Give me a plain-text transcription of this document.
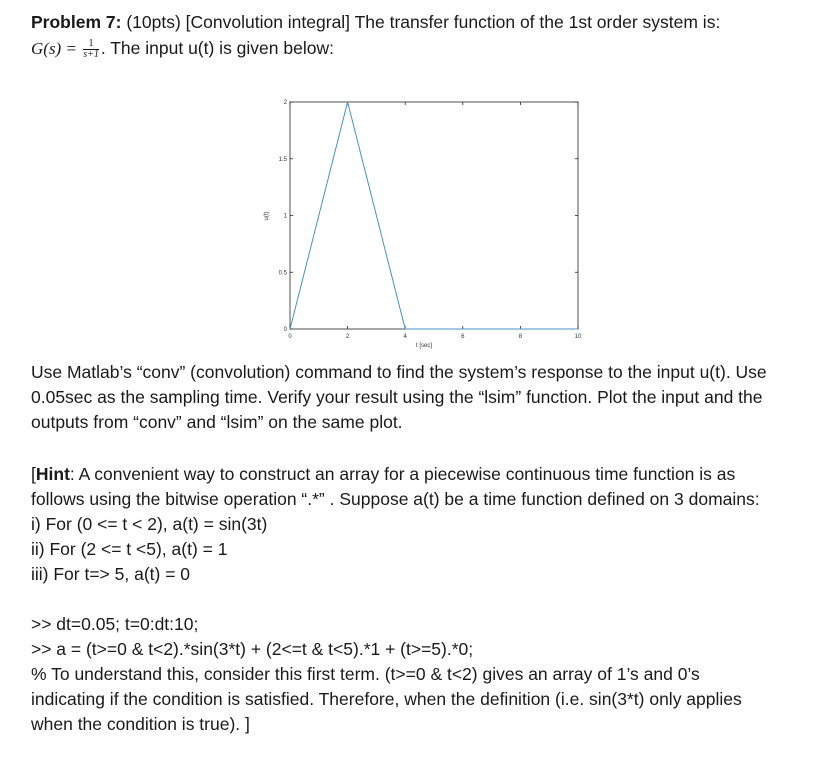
Problem 7: (10pts) [Convolution integral] The transfer function of the 1st order system is:
$G(s) = \frac{1}{s+1}$ . The input u(t) is given below:
0	2	4	6	8	10
0
0.5
1
1.5
2
t [sec]
u(t)
Use Matlab’s “conv” (convolution) command to find the system’s response to the input u(t). Use
0.05sec as the sampling time. Verify your result using the “lsim” function. Plot the input and the
outputs from “conv” and “lsim” on the same plot.
[Hint: A convenient way to construct an array for a piecewise continuous time function is as
follows using the bitwise operation “.*” . Suppose a(t) be a time function defined on 3 domains:
i) For (0 <= t < 2), a(t) = sin(3t)
ii) For (2 <= t <5), a(t) = 1
iii) For t=> 5, a(t) = 0
>> dt=0.05; t=0:dt:10;
>> a = (t>=0 & t<2).*sin(3*t) + (2<=t & t<5).*1 + (t>=5).*0;
% To understand this, consider this first term. (t>=0 & t<2) gives an array of 1’s and 0’s
indicating if the condition is satisfied. Therefore, when the definition (i.e. sin(3*t) only applies
when the condition is true). ]
